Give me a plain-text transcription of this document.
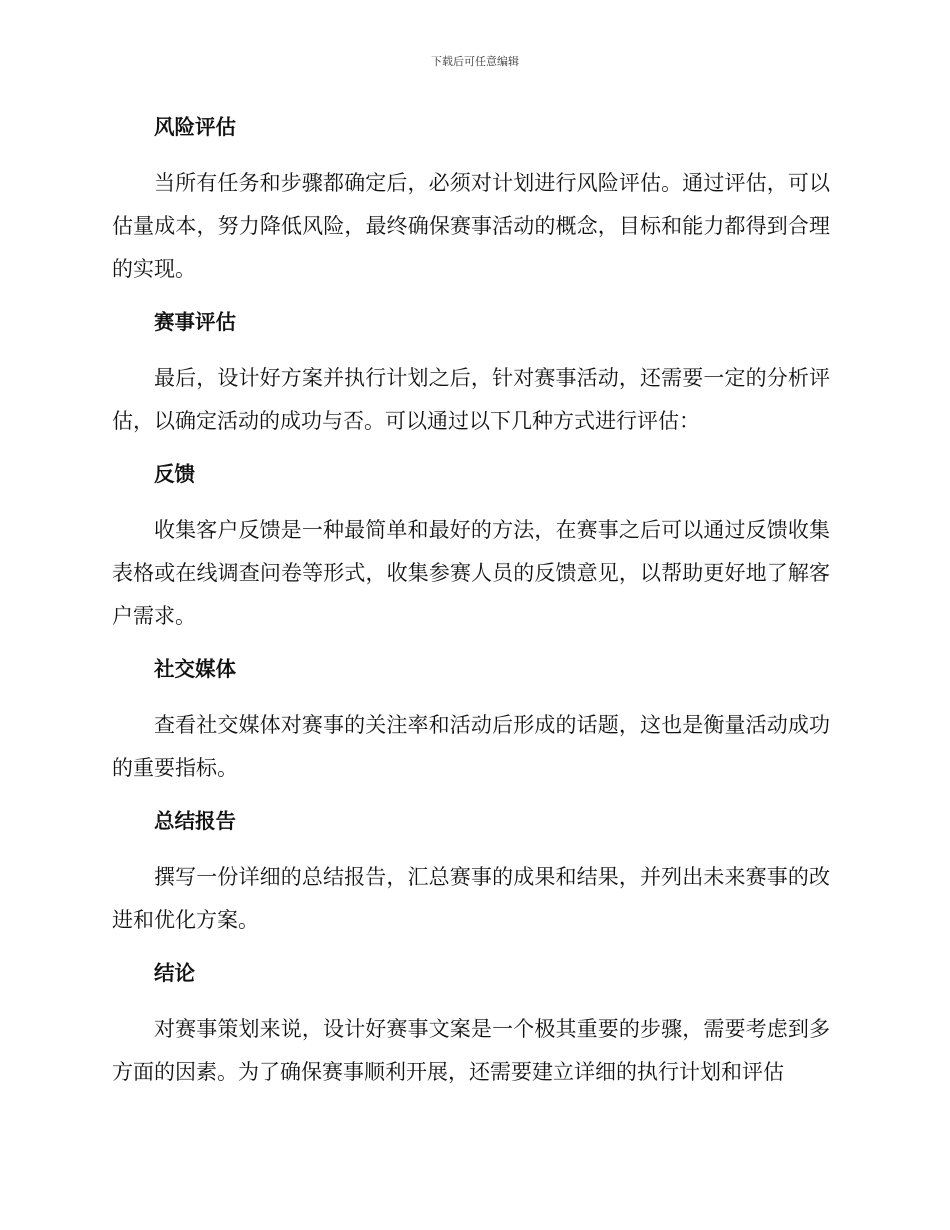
下载后可任意编辑
风险评估

当所有任务和步骤都确定后，必须对计划进行风险评估。通过评估，可以估量成本，努力降低风险，最终确保赛事活动的概念，目标和能力都得到合理的实现。

赛事评估

最后，设计好方案并执行计划之后，针对赛事活动，还需要一定的分析评估，以确定活动的成功与否。可以通过以下几种方式进行评估：

反馈

收集客户反馈是一种最简单和最好的方法，在赛事之后可以通过反馈收集表格或在线调查问卷等形式，收集参赛人员的反馈意见，以帮助更好地了解客户需求。

社交媒体

查看社交媒体对赛事的关注率和活动后形成的话题，这也是衡量活动成功的重要指标。

总结报告

撰写一份详细的总结报告，汇总赛事的成果和结果，并列出未来赛事的改进和优化方案。

结论

对赛事策划来说，设计好赛事文案是一个极其重要的步骤，需要考虑到多方面的因素。为了确保赛事顺利开展，还需要建立详细的执行计划和评估
